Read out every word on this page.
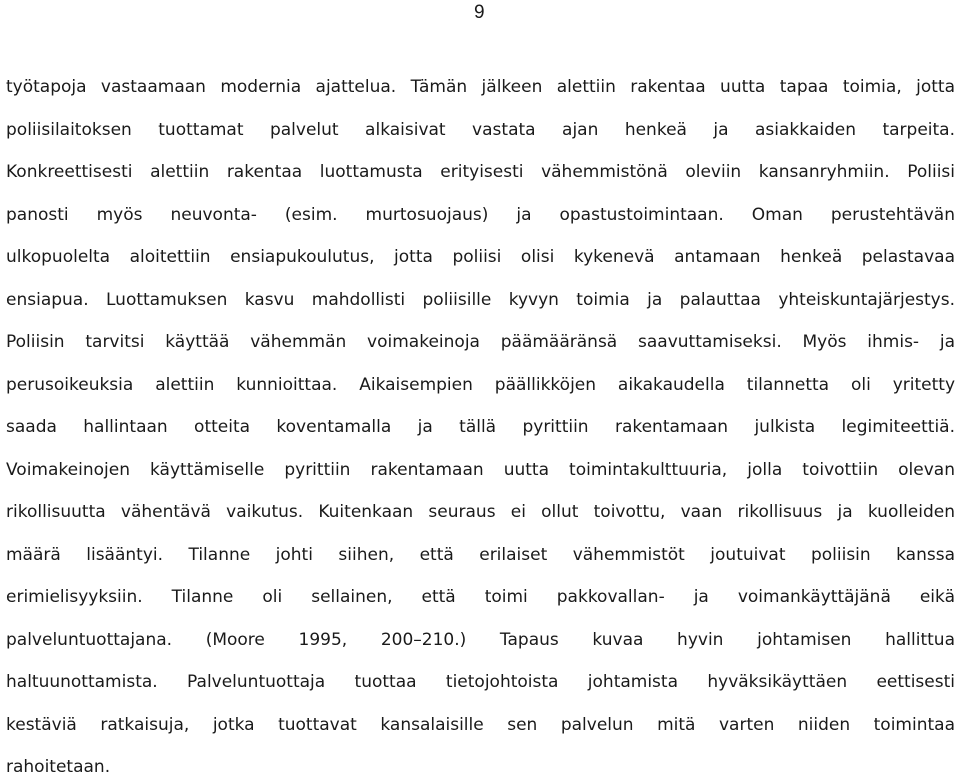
9

työtapoja vastaamaan modernia ajattelua. Tämän jälkeen alettiin rakentaa uutta tapaa toimia, jotta

poliisilaitoksen tuottamat palvelut alkaisivat vastata ajan henkeä ja asiakkaiden tarpeita.

Konkreettisesti alettiin rakentaa luottamusta erityisesti vähemmistönä oleviin kansanryhmiin. Poliisi

panosti myös neuvonta- (esim. murtosuojaus) ja opastustoimintaan. Oman perustehtävän

ulkopuolelta aloitettiin ensiapukoulutus, jotta poliisi olisi kykenevä antamaan henkeä pelastavaa

ensiapua. Luottamuksen kasvu mahdollisti poliisille kyvyn toimia ja palauttaa yhteiskuntajärjestys.

Poliisin tarvitsi käyttää vähemmän voimakeinoja päämääränsä saavuttamiseksi. Myös ihmis- ja

perusoikeuksia alettiin kunnioittaa. Aikaisempien päällikköjen aikakaudella tilannetta oli yritetty

saada hallintaan otteita koventamalla ja tällä pyrittiin rakentamaan julkista legimiteettiä.

Voimakeinojen käyttämiselle pyrittiin rakentamaan uutta toimintakulttuuria, jolla toivottiin olevan

rikollisuutta vähentävä vaikutus. Kuitenkaan seuraus ei ollut toivottu, vaan rikollisuus ja kuolleiden

määrä lisääntyi. Tilanne johti siihen, että erilaiset vähemmistöt joutuivat poliisin kanssa

erimielisyyksiin. Tilanne oli sellainen, että toimi pakkovallan- ja voimankäyttäjänä eikä

palveluntuottajana. (Moore 1995, 200–210.) Tapaus kuvaa hyvin johtamisen hallittua

haltuunottamista. Palveluntuottaja tuottaa tietojohtoista johtamista hyväksikäyttäen eettisesti

kestäviä ratkaisuja, jotka tuottavat kansalaisille sen palvelun mitä varten niiden toimintaa

rahoitetaan.
